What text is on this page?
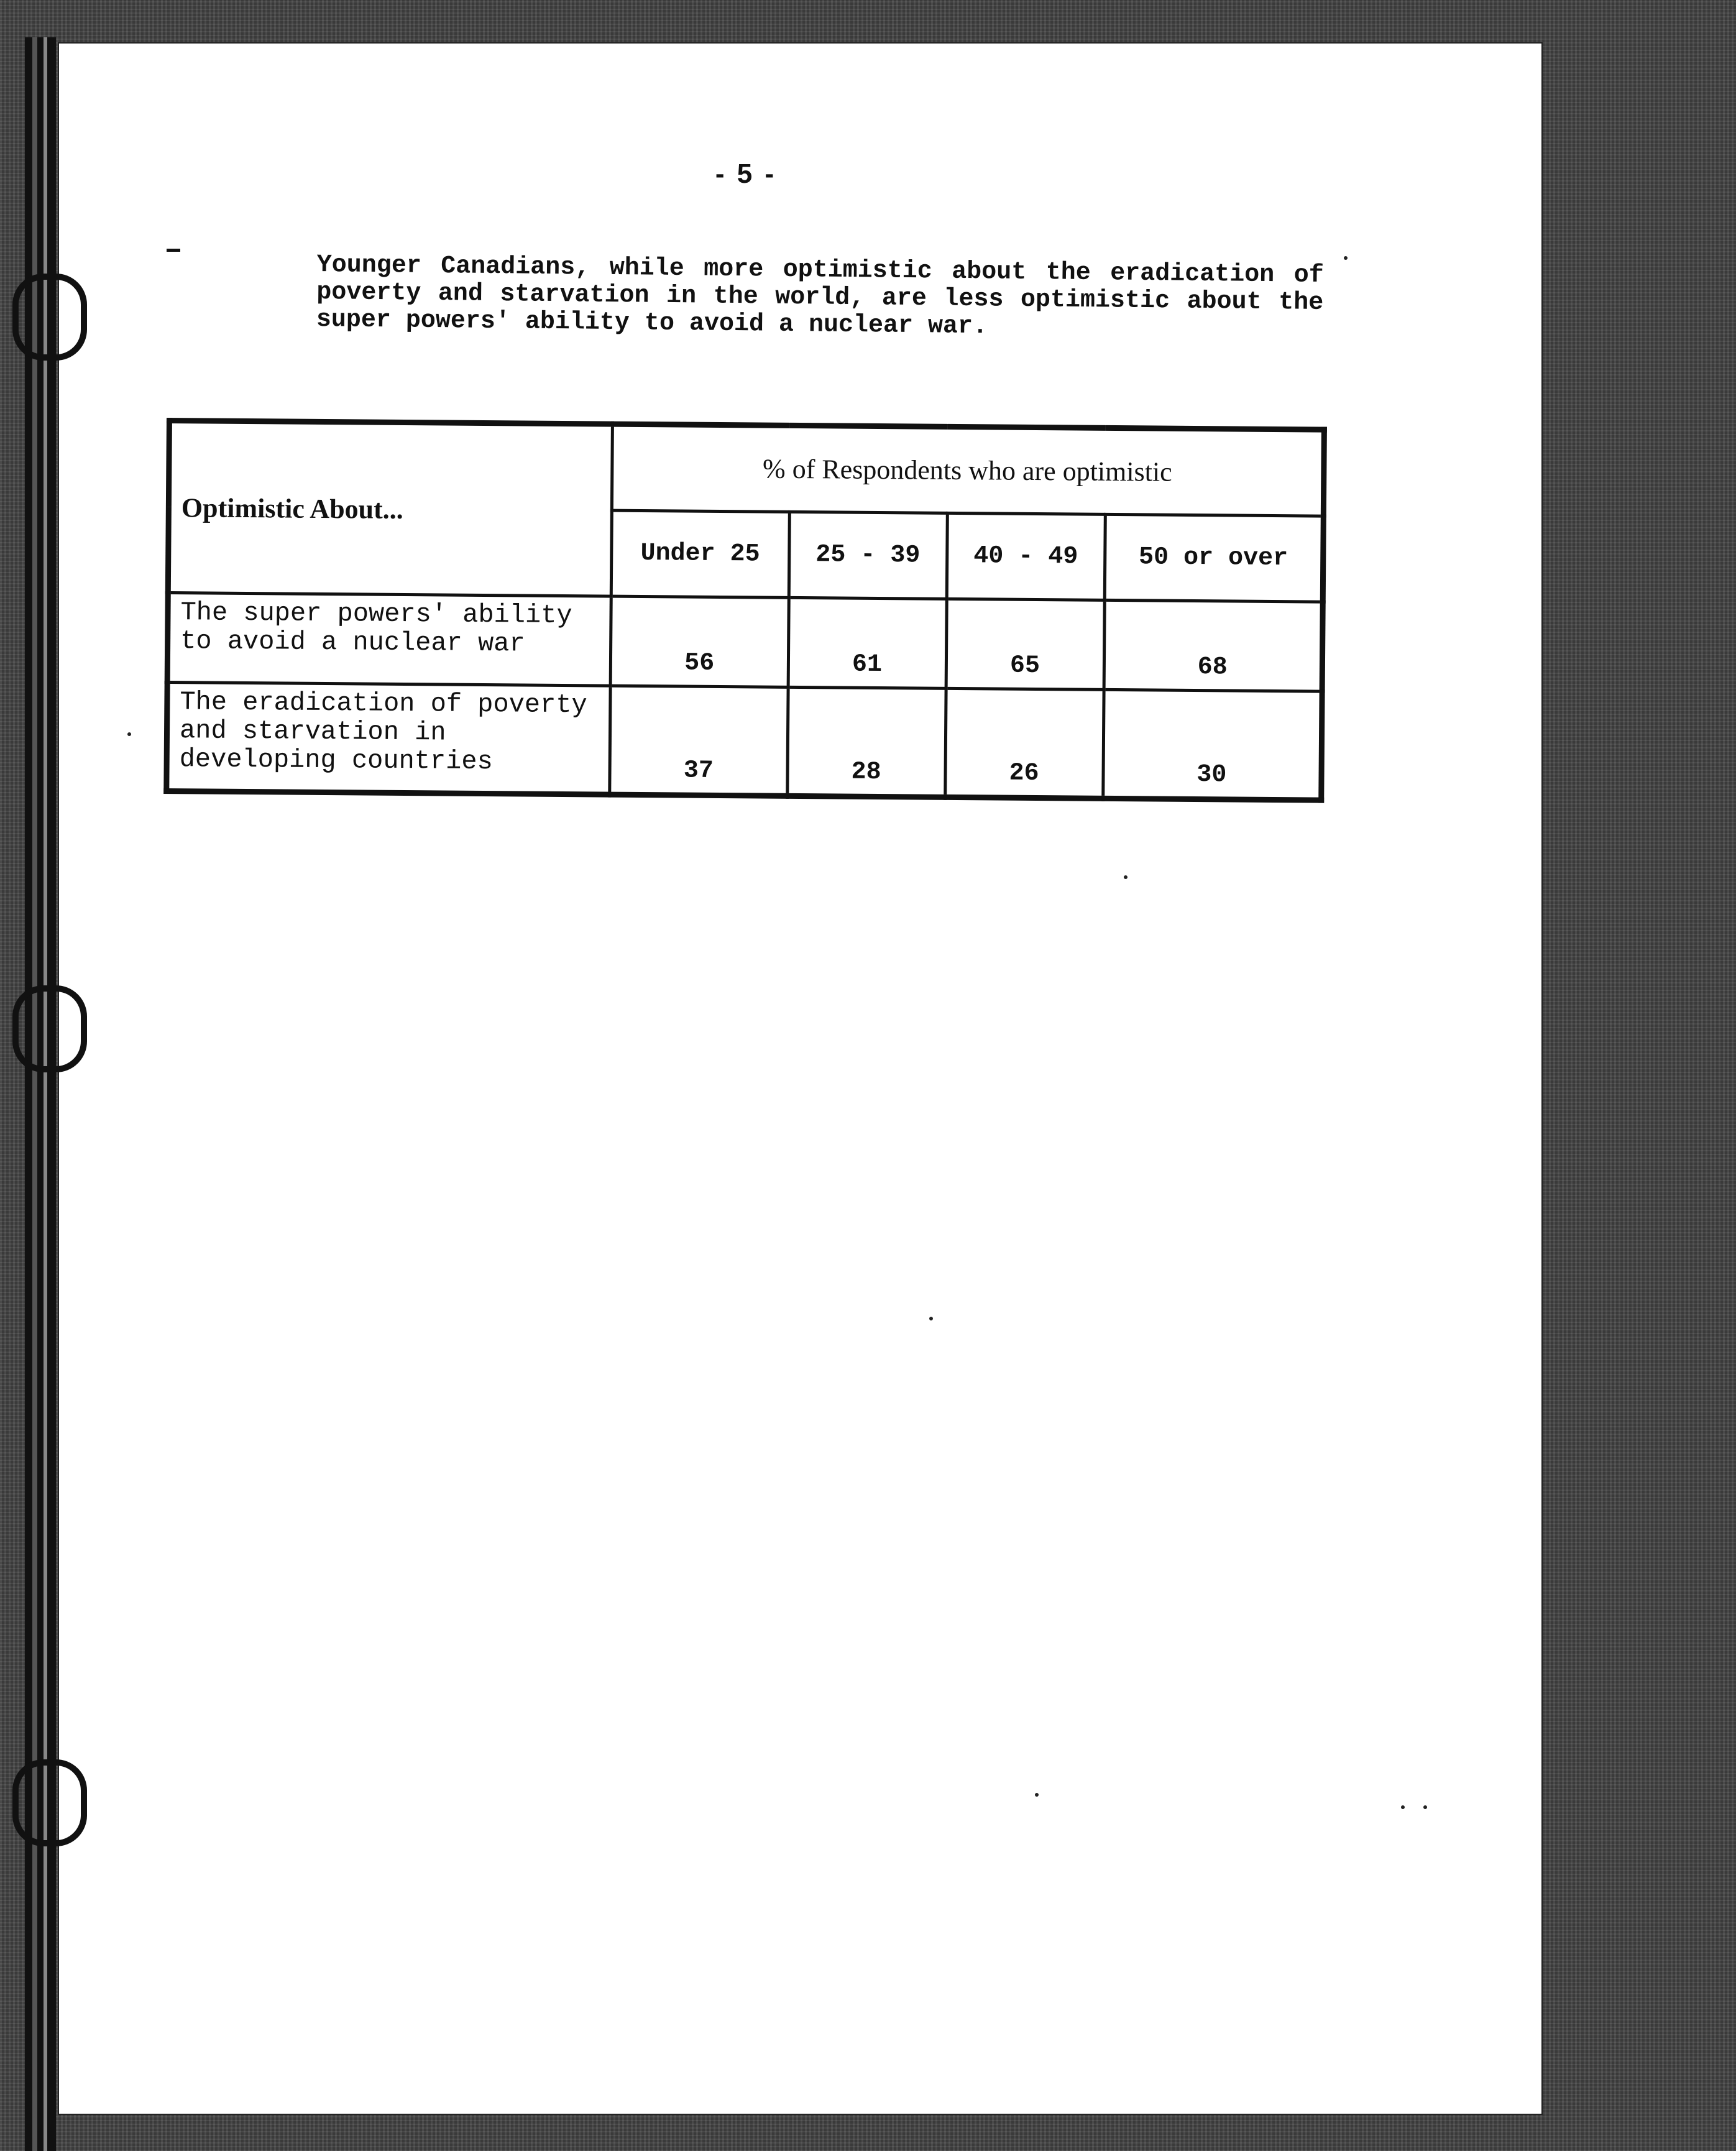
- 5 -
Younger Canadians, while more optimistic about the eradication of poverty and starvation in the world, are less optimistic about the super powers' ability to avoid a nuclear war.
Optimistic About...	% of Respondents who are optimistic			
	Under 25	25 - 39	40 - 49	50 or over
The super powers' ability to avoid a nuclear war	56	61	65	68
The eradication of poverty and starvation in developing countries	37	28	26	30
